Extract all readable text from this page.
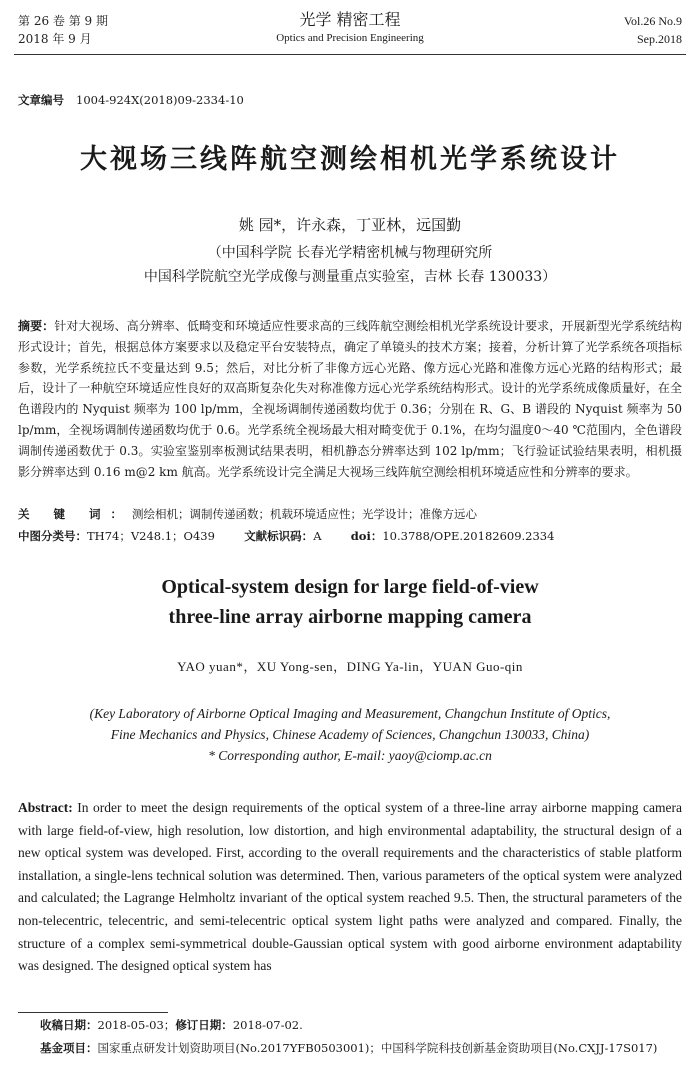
第 26 卷 第 9 期
2018 年 9 月
光学 精密工程
Optics and Precision Engineering
Vol.26 No.9
Sep.2018
文章编号 1004-924X(2018)09-2334-10
大视场三线阵航空测绘相机光学系统设计
姚 园*，许永森，丁亚林，远国勤
（中国科学院 长春光学精密机械与物理研究所
中国科学院航空光学成像与测量重点实验室，吉林 长春 130033）
摘要：针对大视场、高分辨率、低畸变和环境适应性要求高的三线阵航空测绘相机光学系统设计要求，开展新型光学系统结构形式设计；首先，根据总体方案要求以及稳定平台安装特点，确定了单镜头的技术方案；接着，分析计算了光学系统各项指标参数，光学系统拉氏不变量达到 9.5；然后，对比分析了非像方远心光路、像方远心光路和准像方远心光路的结构形式；最后，设计了一种航空环境适应性良好的双高斯复杂化失对称准像方远心光学系统结构形式。设计的光学系统成像质量好，在全色谱段内的 Nyquist 频率为 100 lp/mm，全视场调制传递函数均优于 0.36；分别在 R、G、B 谱段的 Nyquist 频率为 50 lp/mm，全视场调制传递函数均优于 0.6。光学系统全视场最大相对畸变优于 0.1%，在均匀温度0～40 ℃范围内，全色谱段调制传递函数优于 0.3。实验室鉴别率板测试结果表明，相机静态分辨率达到 102 lp/mm；飞行验证试验结果表明，相机摄影分辨率达到 0.16 m@2 km 航高。光学系统设计完全满足大视场三线阵航空测绘相机环境适应性和分辨率的要求。
关 键 词：测绘相机；调制传递函数；机载环境适应性；光学设计；准像方远心
中图分类号：TH74；V248.1；O439	文献标识码：A	doi：10.3788/OPE.20182609.2334
Optical-system design for large field-of-view
three-line array airborne mapping camera
YAO yuan*，XU Yong-sen，DING Ya-lin，YUAN Guo-qin
(Key Laboratory of Airborne Optical Imaging and Measurement, Changchun Institute of Optics,
Fine Mechanics and Physics, Chinese Academy of Sciences, Changchun 130033, China)
* Corresponding author, E-mail: yaoy@ciomp.ac.cn
Abstract: In order to meet the design requirements of the optical system of a three-line array airborne mapping camera with large field-of-view, high resolution, low distortion, and high environmental adaptability, the structural design of a new optical system was developed. First, according to the overall requirements and the characteristics of stable platform installation, a single-lens technical solution was determined. Then, various parameters of the optical system were analyzed and calculated; the Lagrange Helmholtz invariant of the optical system reached 9.5. Then, the structural parameters of the non-telecentric, telecentric, and semi-telecentric optical system light paths were analyzed and compared. Finally, the structure of a complex semi-symmetrical double-Gaussian optical system with good airborne environment adaptability was designed. The designed optical system has
收稿日期：2018-05-03；修订日期：2018-07-02.
基金项目：国家重点研发计划资助项目(No.2017YFB0503001)；中国科学院科技创新基金资助项目(No.CXJJ-17S017)
